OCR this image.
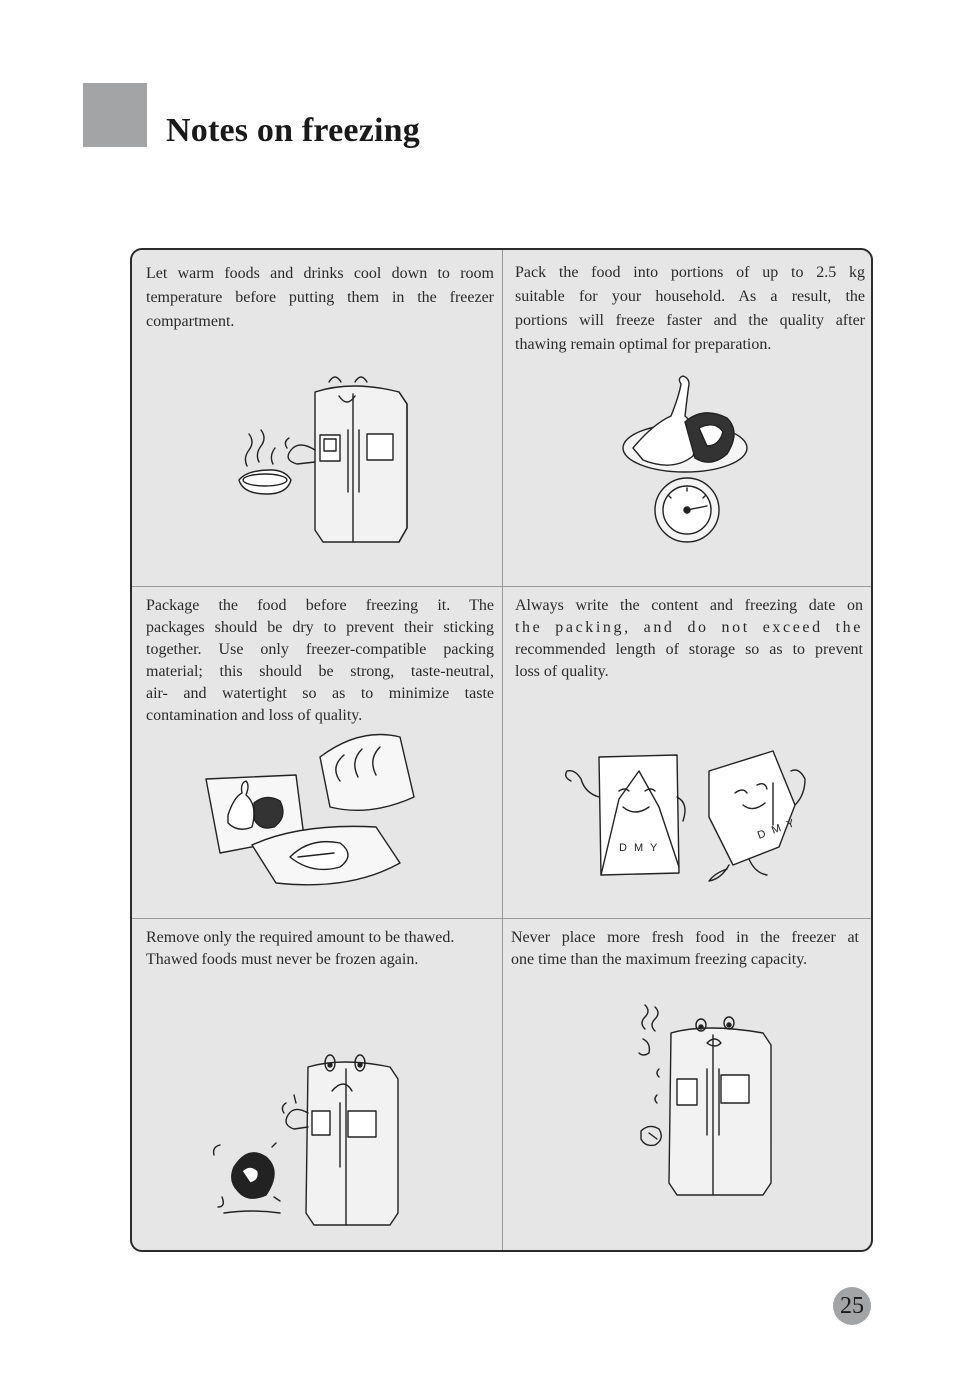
Notes on freezing

Let warm foods and drinks cool down to room
temperature before putting them in the freezer
compartment.

Pack the food into portions of up to 2.5 kg
suitable for your household. As a result, the
portions will freeze faster and the quality after
thawing remain optimal for preparation.

Package the food before freezing it. The
packages should be dry to prevent their sticking
together. Use only freezer-compatible packing
material; this should be strong, taste-neutral,
air- and watertight so as to minimize taste
contamination and loss of quality.

Always write the content and freezing date on
the packing, and do not exceed the
recommended length of storage so as to prevent
loss of quality.

D M Y
D M Y

Remove only the required amount to be thawed.
Thawed foods must never be frozen again.

Never place more fresh food in the freezer at
one time than the maximum freezing capacity.

25
